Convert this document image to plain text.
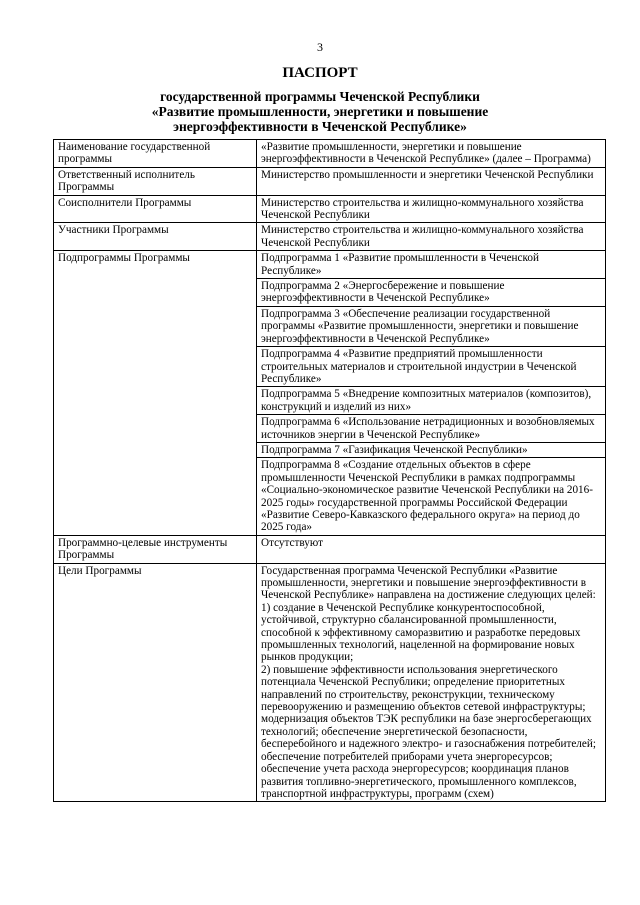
3
ПАСПОРТ
государственной программы Чеченской Республики
«Развитие промышленности, энергетики и повышение
энергоэффективности в Чеченской Республике»
Наименование государственной программы	«Развитие промышленности, энергетики и повышение энергоэффективности в Чеченской Республике» (далее – Программа)
Ответственный исполнитель Программы	Министерство промышленности и энергетики Чеченской Республики
Соисполнители Программы	Министерство строительства и жилищно-коммунального хозяйства Чеченской Республики
Участники Программы	Министерство строительства и жилищно-коммунального хозяйства Чеченской Республики
Подпрограммы Программы	Подпрограмма 1 «Развитие промышленности в Чеченской Республике»
	Подпрограмма 2 «Энергосбережение и повышение энергоэффективности в Чеченской Республике»
	Подпрограмма 3 «Обеспечение реализации государственной программы «Развитие промышленности, энергетики и повышение энергоэффективности в Чеченской Республике»
	Подпрограмма 4 «Развитие предприятий промышленности строительных материалов и строительной индустрии в Чеченской Республике»
	Подпрограмма 5 «Внедрение композитных материалов (композитов), конструкций и изделий из них»
	Подпрограмма 6 «Использование нетрадиционных и возобновляемых источников энергии в Чеченской Республике»
	Подпрограмма 7 «Газификация Чеченской Республики»
	Подпрограмма 8 «Создание отдельных объектов в сфере промышленности Чеченской Республики в рамках подпрограммы «Социально-экономическое развитие Чеченской Республики на 2016-2025 годы» государственной программы Российской Федерации «Развитие Северо-Кавказского федерального округа» на период до 2025 года»
Программно-целевые инструменты Программы	Отсутствуют
Цели Программы	Государственная программа Чеченской Республики «Развитие промышленности, энергетики и повышение энергоэффективности в Чеченской Республике» направлена на достижение следующих целей:
1) создание в Чеченской Республике конкурентоспособной, устойчивой, структурно сбалансированной промышленности, способной к эффективному саморазвитию и разработке передовых промышленных технологий, нацеленной на формирование новых рынков продукции;
2) повышение эффективности использования энергетического потенциала Чеченской Республики; определение приоритетных направлений по строительству, реконструкции, техническому перевооружению и размещению объектов сетевой инфраструктуры; модернизация объектов ТЭК республики на базе энергосберегающих технологий; обеспечение энергетической безопасности, бесперебойного и надежного электро- и газоснабжения потребителей; обеспечение потребителей приборами учета энергоресурсов; обеспечение учета расхода энергоресурсов; координация планов развития топливно-энергетического, промышленного комплексов, транспортной инфраструктуры, программ (схем)
